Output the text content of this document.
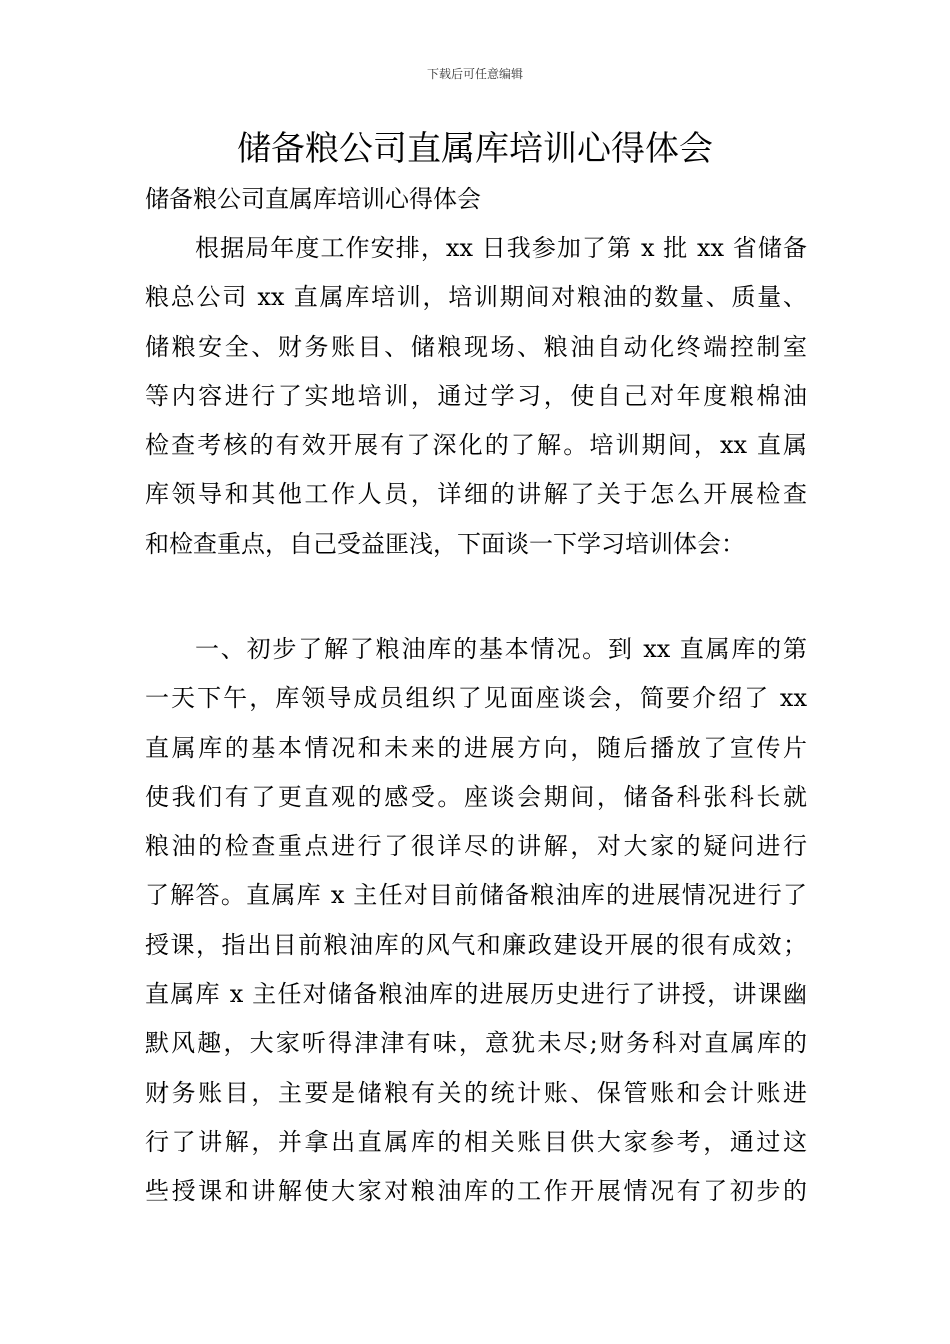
下载后可任意编辑
储备粮公司直属库培训心得体会
储备粮公司直属库培训心得体会
根据局年度工作安排，xx 日我参加了第 x 批 xx 省储备
粮总公司 xx 直属库培训，培训期间对粮油的数量、质量、
储粮安全、财务账目、储粮现场、粮油自动化终端控制室
等内容进行了实地培训，通过学习，使自己对年度粮棉油
检查考核的有效开展有了深化的了解。培训期间，xx 直属
库领导和其他工作人员，详细的讲解了关于怎么开展检查
和检查重点，自己受益匪浅，下面谈一下学习培训体会：
一、初步了解了粮油库的基本情况。到 xx 直属库的第
一天下午，库领导成员组织了见面座谈会，简要介绍了 xx
直属库的基本情况和未来的进展方向，随后播放了宣传片
使我们有了更直观的感受。座谈会期间，储备科张科长就
粮油的检查重点进行了很详尽的讲解，对大家的疑问进行
了解答。直属库 x 主任对目前储备粮油库的进展情况进行了
授课，指出目前粮油库的风气和廉政建设开展的很有成效；
直属库 x 主任对储备粮油库的进展历史进行了讲授，讲课幽
默风趣，大家听得津津有味，意犹未尽;财务科对直属库的
财务账目，主要是储粮有关的统计账、保管账和会计账进
行了讲解，并拿出直属库的相关账目供大家参考，通过这
些授课和讲解使大家对粮油库的工作开展情况有了初步的
